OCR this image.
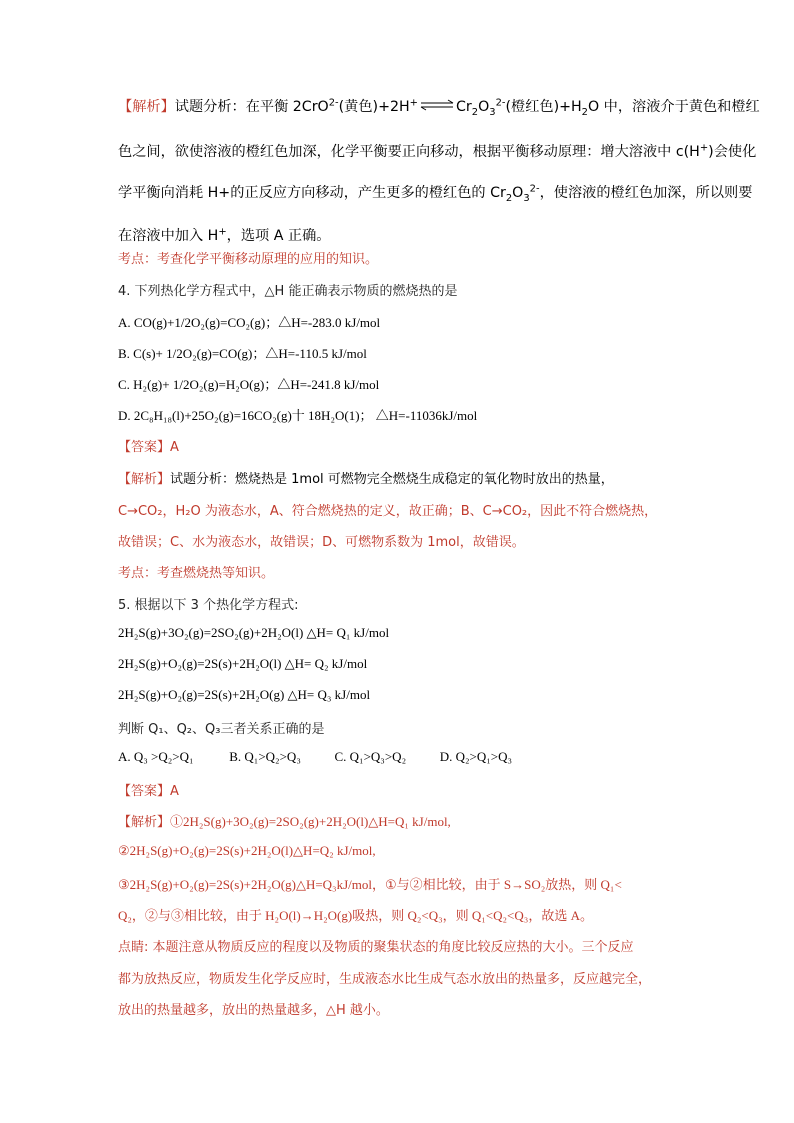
【解析】试题分析：在平衡 2CrO$^{2-}$(黄色)+2H+ ⇌ $Cr_2O_3^{2-}$(橙红色)$+H_2O$ 中，溶液介于黄色和橙红
色之间，欲使溶液的橙红色加深，化学平衡要正向移动，根据平衡移动原理：增大溶液中 c(H+)会使化
学平衡向消耗 H+的正反应方向移动，产生更多的橙红色的 $Cr_2O_3^{2-}$，使溶液的橙红色加深，所以则要
在溶液中加入 H+，选项 A 正确。
考点：考查化学平衡移动原理的应用的知识。
4. 下列热化学方程式中，△H 能正确表示物质的燃烧热的是
A. CO(g)+1/2O₂(g)=CO₂(g)；△H=-283.0 kJ/mol
B. C(s)+ 1/2O₂(g)=CO(g)；△H=-110.5 kJ/mol
C. H₂(g)+ 1/2O₂(g)=H₂O(g)；△H=-241.8 kJ/mol
D. 2C₈H₁₈(l)+25O₂(g)=16CO₂(g)十 18H₂O(1)； △H=-11036kJ/mol
【答案】A
【解析】试题分析：燃烧热是 1mol 可燃物完全燃烧生成稳定的氧化物时放出的热量，
C→CO₂，H₂O 为液态水，A、符合燃烧热的定义，故正确；B、C→CO₂，因此不符合燃烧热，
故错误；C、水为液态水，故错误；D、可燃物系数为 1mol，故错误。
考点：考查燃烧热等知识。
5. 根据以下 3 个热化学方程式:
2H₂S(g)+3O₂(g)=2SO₂(g)+2H₂O(l) △H= Q₁ kJ/mol
2H₂S(g)+O₂(g)=2S(s)+2H₂O(l) △H= Q₂ kJ/mol
2H₂S(g)+O₂(g)=2S(s)+2H₂O(g) △H= Q₃ kJ/mol
判断 Q₁、Q₂、Q₃三者关系正确的是
A. Q₃ >Q₂>Q₁	B. Q₁>Q₂>Q₃	C. Q₁>Q₃>Q₂	D. Q₂>Q₁>Q₃
【答案】A
【解析】①2H₂S(g)+3O₂(g)=2SO₂(g)+2H₂O(l)△H=Q₁ kJ/mol,
②2H₂S(g)+O₂(g)=2S(s)+2H₂O(l)△H=Q₂ kJ/mol,
③2H₂S(g)+O₂(g)=2S(s)+2H₂O(g)△H=Q₃kJ/mol，①与②相比较，由于 S→SO₂放热，则 Q₁<
Q₂，②与③相比较，由于 H₂O(l)→H₂O(g)吸热，则 Q₂<Q₃，则 Q₁<Q₂<Q₃，故选 A。
点睛: 本题注意从物质反应的程度以及物质的聚集状态的角度比较反应热的大小。三个反应
都为放热反应，物质发生化学反应时，生成液态水比生成气态水放出的热量多，反应越完全，
放出的热量越多，放出的热量越多，△H 越小。
